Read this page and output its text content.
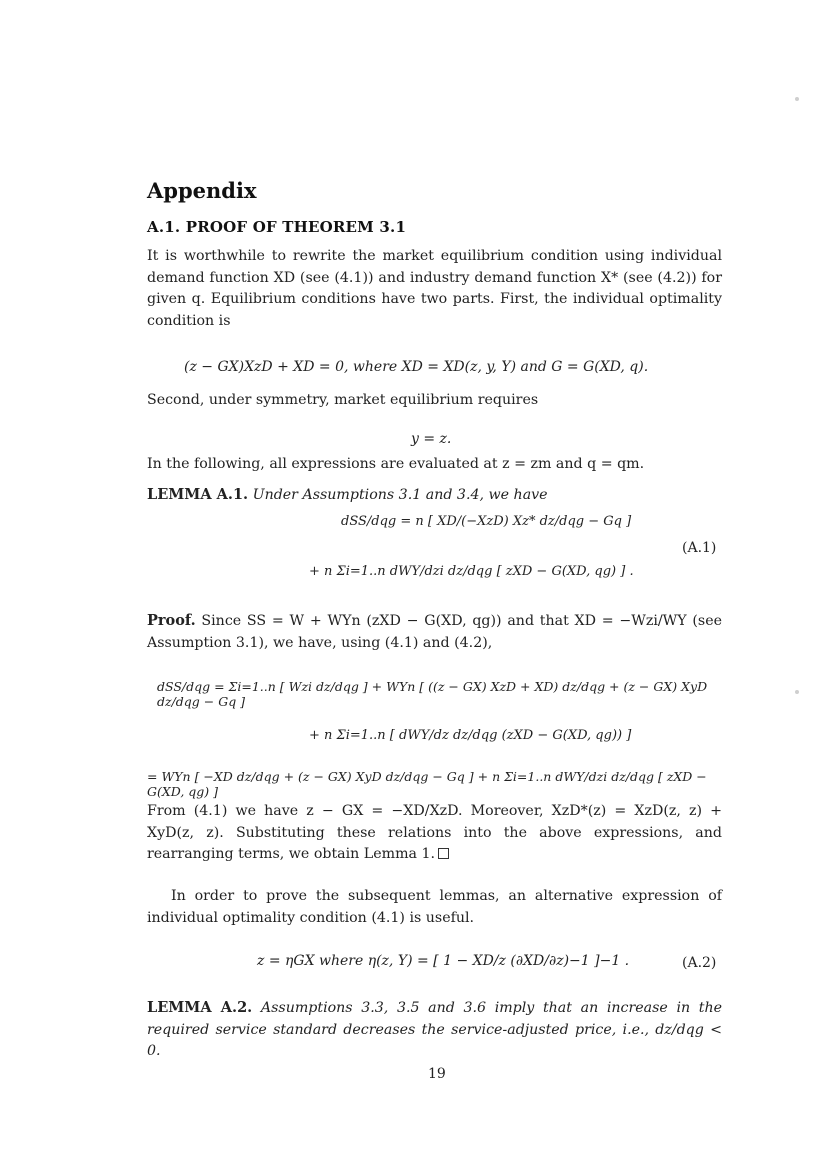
Appendix
A.1. PROOF OF THEOREM 3.1
It is worthwhile to rewrite the market equilibrium condition using individual demand function XD (see (4.1)) and industry demand function X* (see (4.2)) for given q. Equilibrium conditions have two parts. First, the individual optimality condition is
(z − GX)XzD + XD = 0, where XD = XD(z, y, Y) and G = G(XD, q).
Second, under symmetry, market equilibrium requires
y = z.
In the following, all expressions are evaluated at z = zm and q = qm.
LEMMA A.1. Under Assumptions 3.1 and 3.4, we have
dSS/dqg = n [ XD/(−XzD) Xz* dz/dqg − Gq ]
(A.1)
+ n Σi=1..n dWY/dzi dz/dqg [ zXD − G(XD, qg) ] .
Proof. Since SS = W + WYn (zXD − G(XD, qg)) and that XD = −Wzi/WY (see Assumption 3.1), we have, using (4.1) and (4.2),
dSS/dqg = Σi=1..n [ Wzi dz/dqg ] + WYn [ ((z − GX) XzD + XD) dz/dqg + (z − GX) XyD dz/dqg − Gq ]
+ n Σi=1..n [ dWY/dz dz/dqg (zXD − G(XD, qg)) ]
= WYn [ −XD dz/dqg + (z − GX) XyD dz/dqg − Gq ] + n Σi=1..n dWY/dzi dz/dqg [ zXD − G(XD, qg) ]
From (4.1) we have z − GX = −XD/XzD. Moreover, XzD*(z) = XzD(z, z) + XyD(z, z). Substituting these relations into the above expressions, and rearranging terms, we obtain Lemma 1.
In order to prove the subsequent lemmas, an alternative expression of individual optimality condition (4.1) is useful.
z = ηGX where η(z, Y) = [ 1 − XD/z (∂XD/∂z)−1 ]−1 .	(A.2)
LEMMA A.2. Assumptions 3.3, 3.5 and 3.6 imply that an increase in the required service standard decreases the service-adjusted price, i.e., dz/dqg < 0.
19
